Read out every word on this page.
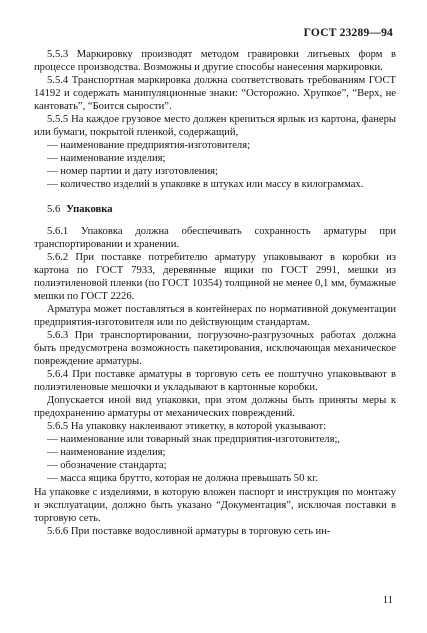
ГОСТ 23289—94

5.5.3 Маркировку производят методом гравировки литьевых форм в процессе производства. Возможны и другие способы нанесения маркировки.

5.5.4 Транспортная маркировка должна соответствовать требованиям ГОСТ 14192 и содержать манипуляционные знаки: “Осторожно. Хрупкое”, “Верх, не кантовать”, “Боится сырости”.

5.5.5 На каждое грузовое место должен крепиться ярлык из картона, фанеры или бумаги, покрытой пленкой, содержащий,

— наименование предприятия-изготовителя;

— наименование изделия;

— номер партии и дату изготовления;

— количество изделий в упаковке в штуках или массу в килограммах.

5.6 Упаковка

5.6.1 Упаковка должна обеспечивать сохранность арматуры при транспортировании и хранении.

5.6.2 При поставке потребителю арматуру упаковывают в коробки из картона по ГОСТ 7933, деревянные ящики по ГОСТ 2991, мешки из полиэтиленовой пленки (по ГОСТ 10354) толщиной не менее 0,1 мм, бумажные мешки по ГОСТ 2226.

Арматура может поставляться в контейнерах по нормативной документации предприятия-изготовителя или по действующим стандартам.

5.6.3 При транспортировании, погрузочно-разгрузочных работах должна быть предусмотрена возможность пакетирования, исключающая механическое повреждение арматуры.

5.6.4 При поставке арматуры в торговую сеть ее поштучно упаковывают в полиэтиленовые мешочки и укладывают в картонные коробки.

Допускается иной вид упаковки, при этом должны быть приняты меры к предохранению арматуры от механических повреждений.

5.6.5 На упаковку наклеивают этикетку, в которой указывают:

— наименование или товарный знак предприятия-изготовителя;,

— наименование изделия;

— обозначение стандарта;

— масса ящика брутто, которая не должна превышать 50 кг.

На упаковке с изделиями, в которую вложен паспорт и инструкция по монтажу и эксплуатации, должно быть указано “Документация”, исключая поставки в торговую сеть.

5.6.6 При поставке водосливной арматуры в торговую сеть ин-

11
